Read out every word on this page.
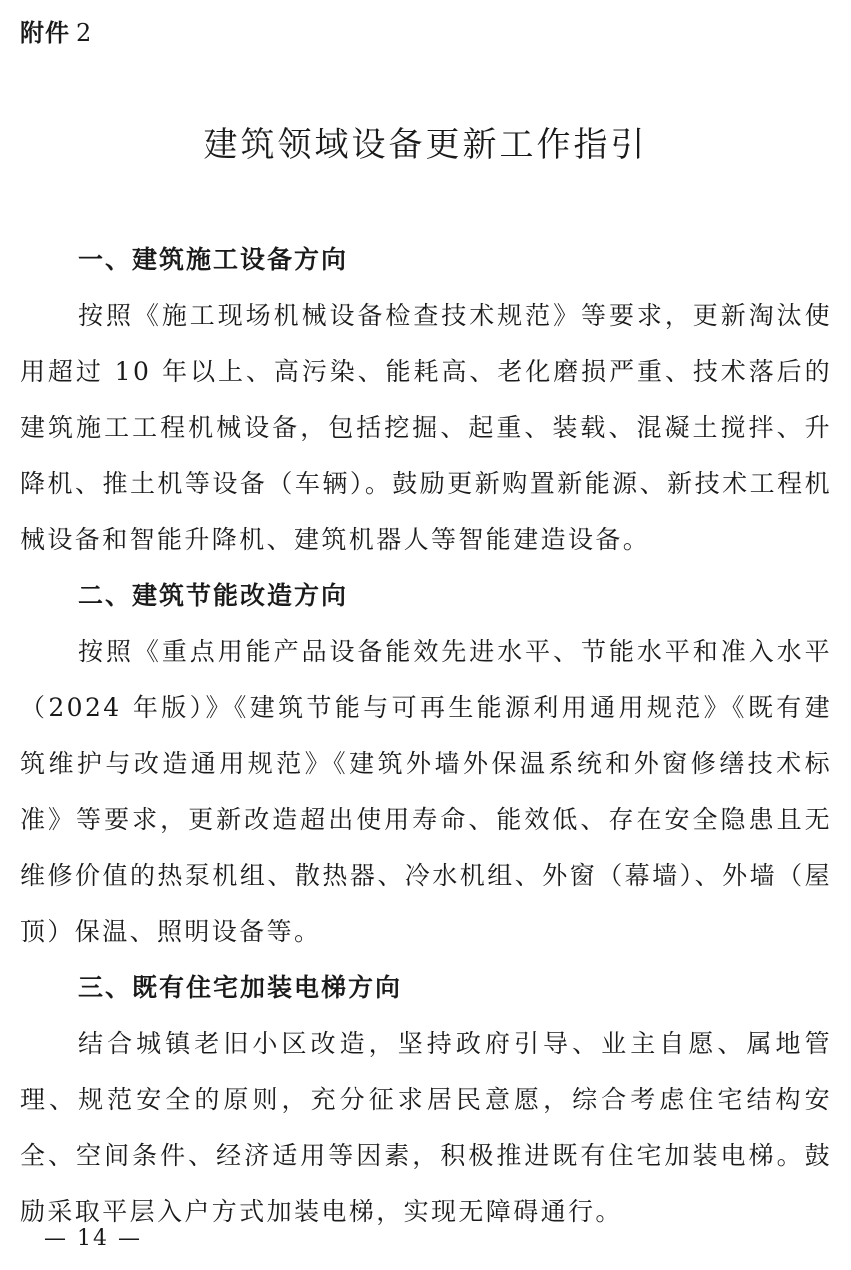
附件 2
建筑领域设备更新工作指引
一、建筑施工设备方向

按照《施工现场机械设备检查技术规范》等要求，更新淘汰使用超过 10 年以上、高污染、能耗高、老化磨损严重、技术落后的建筑施工工程机械设备，包括挖掘、起重、装载、混凝土搅拌、升降机、推土机等设备（车辆）。鼓励更新购置新能源、新技术工程机械设备和智能升降机、建筑机器人等智能建造设备。

二、建筑节能改造方向

按照《重点用能产品设备能效先进水平、节能水平和准入水平（2024 年版）》《建筑节能与可再生能源利用通用规范》《既有建筑维护与改造通用规范》《建筑外墙外保温系统和外窗修缮技术标准》等要求，更新改造超出使用寿命、能效低、存在安全隐患且无维修价值的热泵机组、散热器、冷水机组、外窗（幕墙）、外墙（屋顶）保温、照明设备等。

三、既有住宅加装电梯方向

结合城镇老旧小区改造，坚持政府引导、业主自愿、属地管理、规范安全的原则，充分征求居民意愿，综合考虑住宅结构安全、空间条件、经济适用等因素，积极推进既有住宅加装电梯。鼓励采取平层入户方式加装电梯，实现无障碍通行。

— 14 —
